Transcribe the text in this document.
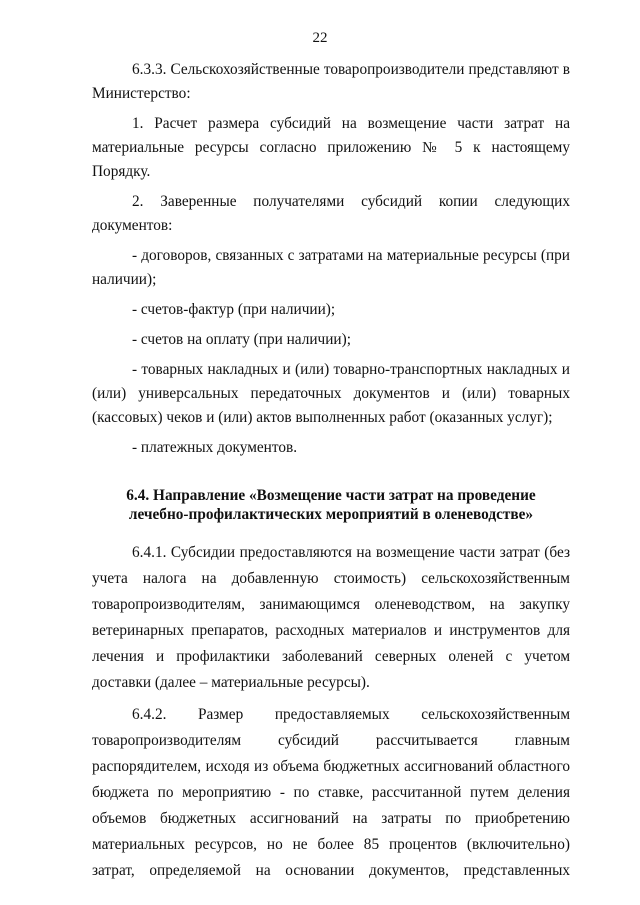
22

6.3.3. Сельскохозяйственные товаропроизводители представляют в Министерство:

1. Расчет размера субсидий на возмещение части затрат на материальные ресурсы согласно приложению № 5 к настоящему Порядку.

2. Заверенные получателями субсидий копии следующих документов:

- договоров, связанных с затратами на материальные ресурсы (при наличии);

- счетов-фактур (при наличии);

- счетов на оплату (при наличии);

- товарных накладных и (или) товарно-транспортных накладных и (или) универсальных передаточных документов и (или) товарных (кассовых) чеков и (или) актов выполненных работ (оказанных услуг);

- платежных документов.

6.4. Направление «Возмещение части затрат на проведение
лечебно-профилактических мероприятий в оленеводстве»

6.4.1. Субсидии предоставляются на возмещение части затрат (без учета налога на добавленную стоимость) сельскохозяйственным товаропроизводителям, занимающимся оленеводством, на закупку ветеринарных препаратов, расходных материалов и инструментов для лечения и профилактики заболеваний северных оленей с учетом доставки (далее – материальные ресурсы).

6.4.2. Размер предоставляемых сельскохозяйственным товаропроизводителям субсидий рассчитывается главным распорядителем, исходя из объема бюджетных ассигнований областного бюджета по мероприятию - по ставке, рассчитанной путем деления объемов бюджетных ассигнований на затраты по приобретению материальных ресурсов, но не более 85 процентов (включительно) затрат, определяемой на основании документов, представленных
